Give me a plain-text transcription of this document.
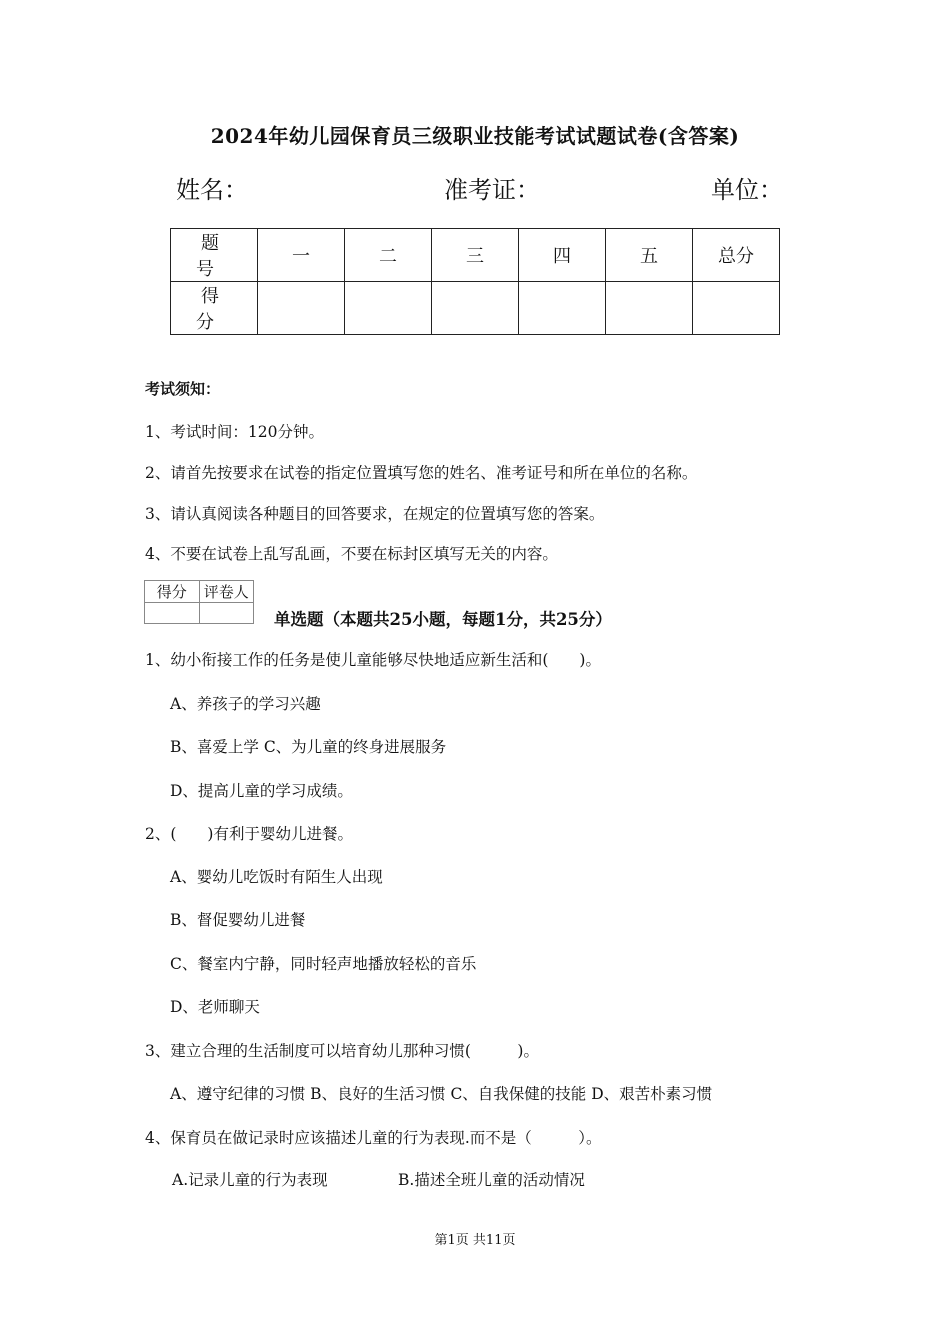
2024年幼儿园保育员三级职业技能考试试题试卷(含答案)
姓名：	准考证：	单位：
题　号	一	二	三	四	五	总分
得　分						
考试须知：
1、考试时间：120分钟。
2、请首先按要求在试卷的指定位置填写您的姓名、准考证号和所在单位的名称。
3、请认真阅读各种题目的回答要求，在规定的位置填写您的答案。
4、不要在试卷上乱写乱画，不要在标封区填写无关的内容。
得分	评卷人

单选题（本题共25小题，每题1分，共25分）
1、幼小衔接工作的任务是使儿童能够尽快地适应新生活和(　　)。
A、养孩子的学习兴趣
B、喜爱上学 C、为儿童的终身进展服务
D、提高儿童的学习成绩。
2、(　　)有利于婴幼儿进餐。
A、婴幼儿吃饭时有陌生人出现
B、督促婴幼儿进餐
C、餐室内宁静，同时轻声地播放轻松的音乐
D、老师聊天
3、建立合理的生活制度可以培育幼儿那种习惯(　　　)。
A、遵守纪律的习惯 B、良好的生活习惯 C、自我保健的技能 D、艰苦朴素习惯
4、保育员在做记录时应该描述儿童的行为表现.而不是（　　　）。
A.记录儿童的行为表现	B.描述全班儿童的活动情况
第1页 共11页
